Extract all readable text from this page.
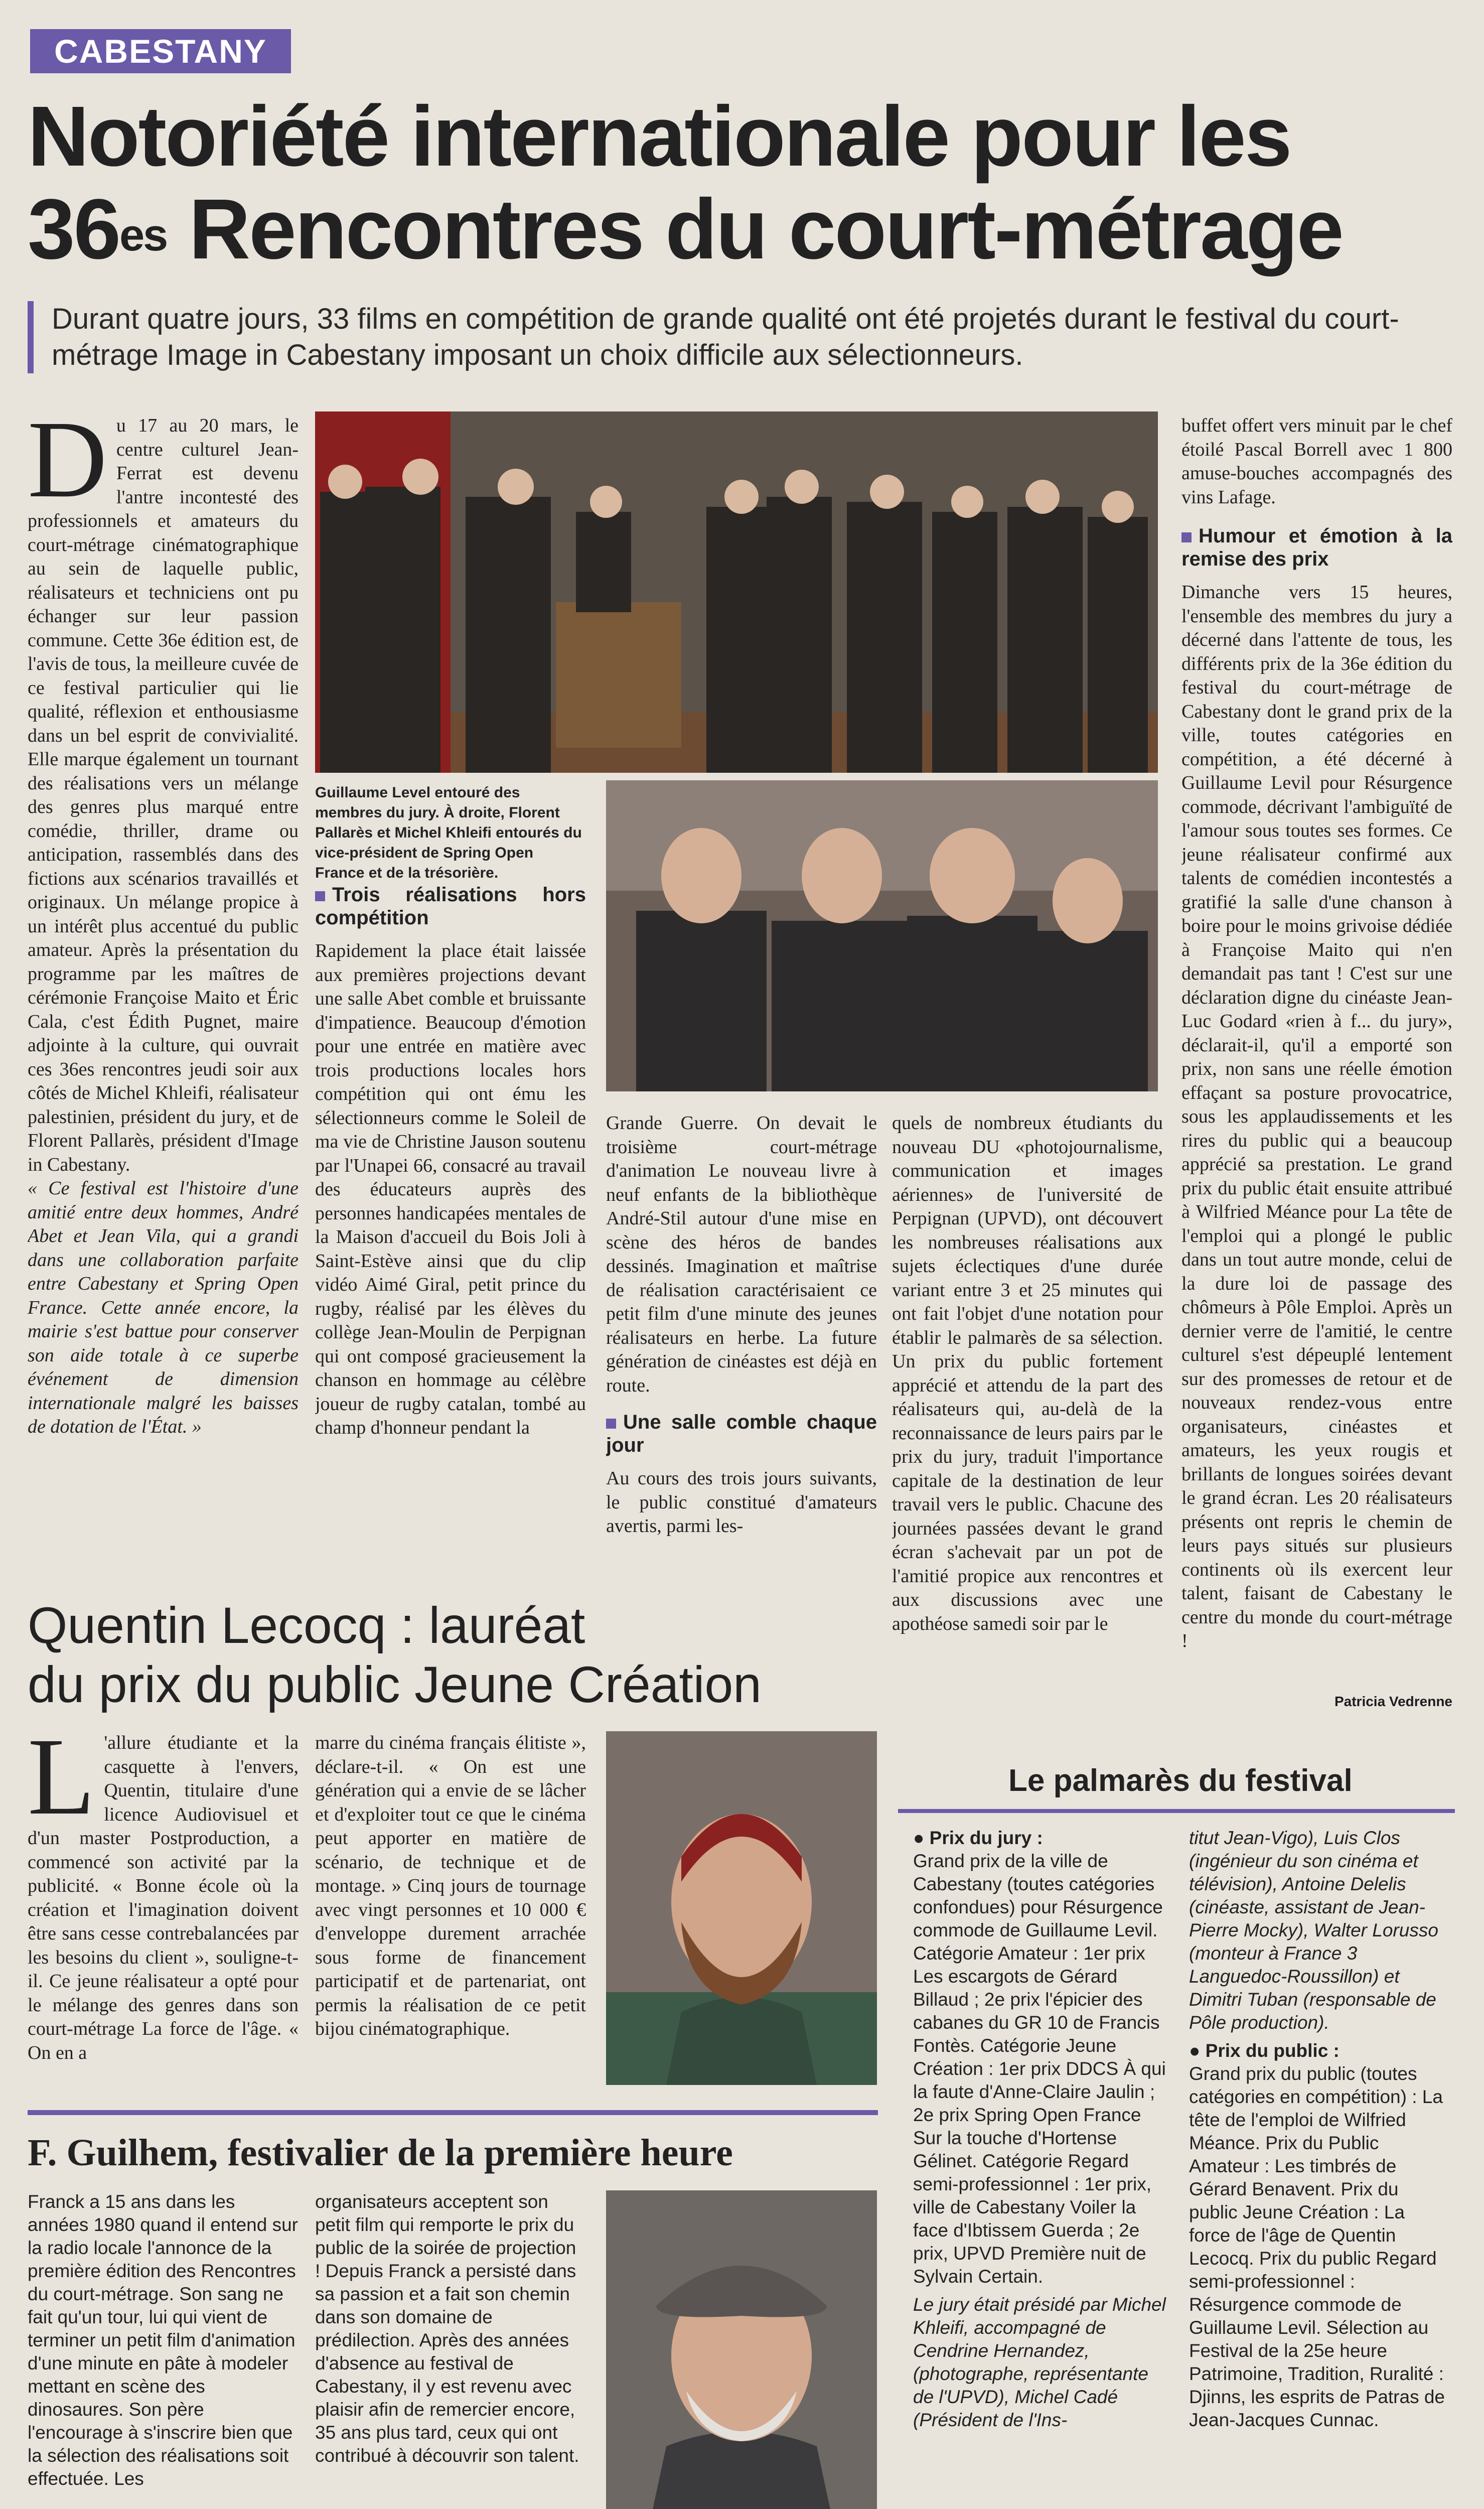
CABESTANY
Notoriété internationale pour les
$36^{es}$ Rencontres du court-métrage
Durant quatre jours, 33 films en compétition de grande qualité ont été projetés durant le festival du court-métrage Image in Cabestany imposant un choix difficile aux sélectionneurs.
D u 17 au 20 mars, le centre culturel Jean-Ferrat est devenu l'antre incontesté des professionnels et amateurs du court-métrage cinématographique au sein de laquelle public, réalisateurs et techniciens ont pu échanger sur leur passion commune. Cette 36e édition est, de l'avis de tous, la meilleure cuvée de ce festival particulier qui lie qualité, réflexion et enthousiasme dans un bel esprit de convivialité. Elle marque également un tournant des réalisations vers un mélange des genres plus marqué entre comédie, thriller, drame ou anticipation, rassemblés dans des fictions aux scénarios travaillés et originaux. Un mélange propice à un intérêt plus accentué du public amateur. Après la présentation du programme par les maîtres de cérémonie Françoise Maito et Éric Cala, c'est Édith Pugnet, maire adjointe à la culture, qui ouvrait ces 36es rencontres jeudi soir aux côtés de Michel Khleifi, réalisateur palestinien, président du jury, et de Florent Pallarès, président d'Image in Cabestany.

« Ce festival est l'histoire d'une amitié entre deux hommes, André Abet et Jean Vila, qui a grandi dans une collaboration parfaite entre Cabestany et Spring Open France. Cette année encore, la mairie s'est battue pour conserver son aide totale à ce superbe événement de dimension internationale malgré les baisses de dotation de l'État. »

Guillaume Level entouré des membres du jury. À droite, Florent Pallarès et Michel Khleifi entourés du vice-président de Spring Open France et de la trésorière.
Trois réalisations hors compétition

Rapidement la place était laissée aux premières projections devant une salle Abet comble et bruissante d'impatience. Beaucoup d'émotion pour une entrée en matière avec trois productions locales hors compétition qui ont ému les sélectionneurs comme le Soleil de ma vie de Christine Jauson soutenu par l'Unapei 66, consacré au travail des éducateurs auprès des personnes handicapées mentales de la Maison d'accueil du Bois Joli à Saint-Estève ainsi que du clip vidéo Aimé Giral, petit prince du rugby, réalisé par les élèves du collège Jean-Moulin de Perpignan qui ont composé gracieusement la chanson en hommage au célèbre joueur de rugby catalan, tombé au champ d'honneur pendant la

Grande Guerre. On devait le troisième court-métrage d'animation Le nouveau livre à neuf enfants de la bibliothèque André-Stil autour d'une mise en scène des héros de bandes dessinés. Imagination et maîtrise de réalisation caractérisaient ce petit film d'une minute des jeunes réalisateurs en herbe. La future génération de cinéastes est déjà en route.

Une salle comble chaque jour

Au cours des trois jours suivants, le public constitué d'amateurs avertis, parmi les-

quels de nombreux étudiants du nouveau DU «photojournalisme, communication et images aériennes» de l'université de Perpignan (UPVD), ont découvert les nombreuses réalisations aux sujets éclectiques d'une durée variant entre 3 et 25 minutes qui ont fait l'objet d'une notation pour établir le palmarès de sa sélection. Un prix du public fortement apprécié et attendu de la part des réalisateurs qui, au-delà de la reconnaissance de leurs pairs par le prix du jury, traduit l'importance capitale de la destination de leur travail vers le public. Chacune des journées passées devant le grand écran s'achevait par un pot de l'amitié propice aux rencontres et aux discussions avec une apothéose samedi soir par le

buffet offert vers minuit par le chef étoilé Pascal Borrell avec 1 800 amuse-bouches accompagnés des vins Lafage.

Humour et émotion à la remise des prix

Dimanche vers 15 heures, l'ensemble des membres du jury a décerné dans l'attente de tous, les différents prix de la 36e édition du festival du court-métrage de Cabestany dont le grand prix de la ville, toutes catégories en compétition, a été décerné à Guillaume Levil pour Résurgence commode, décrivant l'ambiguïté de l'amour sous toutes ses formes. Ce jeune réalisateur confirmé aux talents de comédien incontestés a gratifié la salle d'une chanson à boire pour le moins grivoise dédiée à Françoise Maito qui n'en demandait pas tant ! C'est sur une déclaration digne du cinéaste Jean-Luc Godard «rien à f... du jury», déclarait-il, qu'il a emporté son prix, non sans une réelle émotion effaçant sa posture provocatrice, sous les applaudissements et les rires du public qui a beaucoup apprécié sa prestation. Le grand prix du public était ensuite attribué à Wilfried Méance pour La tête de l'emploi qui a plongé le public dans un tout autre monde, celui de la dure loi de passage des chômeurs à Pôle Emploi. Après un dernier verre de l'amitié, le centre culturel s'est dépeuplé lentement sur des promesses de retour et de nouveaux rendez-vous entre organisateurs, cinéastes et amateurs, les yeux rougis et brillants de longues soirées devant le grand écran. Les 20 réalisateurs présents ont repris le chemin de leurs pays situés sur plusieurs continents où ils exercent leur talent, faisant de Cabestany le centre du monde du court-métrage !

Patricia Vedrenne
Quentin Lecocq : lauréat
du prix du public Jeune Création
L 'allure étudiante et la casquette à l'envers, Quentin, titulaire d'une licence Audiovisuel et d'un master Postproduction, a commencé son activité par la publicité. « Bonne école où la création et l'imagination doivent être sans cesse contrebalancées par les besoins du client », souligne-t-il. Ce jeune réalisateur a opté pour le mélange des genres dans son court-métrage La force de l'âge. « On en a

marre du cinéma français élitiste », déclare-t-il. « On est une génération qui a envie de se lâcher et d'exploiter tout ce que le cinéma peut apporter en matière de scénario, de technique et de montage. » Cinq jours de tournage avec vingt personnes et 10 000 € d'enveloppe durement arrachée sous forme de financement participatif et de partenariat, ont permis la réalisation de ce petit bijou cinématographique.

F. Guilhem, festivalier de la première heure

Franck a 15 ans dans les années 1980 quand il entend sur la radio locale l'annonce de la première édition des Rencontres du court-métrage. Son sang ne fait qu'un tour, lui qui vient de terminer un petit film d'animation d'une minute en pâte à modeler mettant en scène des dinosaures. Son père l'encourage à s'inscrire bien que la sélection des réalisations soit effectuée. Les

organisateurs acceptent son petit film qui remporte le prix du public de la soirée de projection ! Depuis Franck a persisté dans sa passion et a fait son chemin dans son domaine de prédilection. Après des années d'absence au festival de Cabestany, il y est revenu avec plaisir afin de remercier encore, 35 ans plus tard, ceux qui ont contribué à découvrir son talent.

Le palmarès du festival

● Prix du jury :

Grand prix de la ville de Cabestany (toutes catégories confondues) pour Résurgence commode de Guillaume Levil. Catégorie Amateur : 1er prix Les escargots de Gérard Billaud ; 2e prix l'épicier des cabanes du GR 10 de Francis Fontès. Catégorie Jeune Création : 1er prix DDCS À qui la faute d'Anne-Claire Jaulin ; 2e prix Spring Open France Sur la touche d'Hortense Gélinet. Catégorie Regard semi-professionnel : 1er prix, ville de Cabestany Voiler la face d'Ibtissem Guerda ; 2e prix, UPVD Première nuit de Sylvain Certain.

Le jury était présidé par Michel Khleifi, accompagné de Cendrine Hernandez, (photographe, représentante de l'UPVD), Michel Cadé (Président de l'Ins-

titut Jean-Vigo), Luis Clos (ingénieur du son cinéma et télévision), Antoine Delelis (cinéaste, assistant de Jean-Pierre Mocky), Walter Lorusso (monteur à France 3 Languedoc-Roussillon) et Dimitri Tuban (responsable de Pôle production).

● Prix du public :

Grand prix du public (toutes catégories en compétition) : La tête de l'emploi de Wilfried Méance. Prix du Public Amateur : Les timbrés de Gérard Benavent. Prix du public Jeune Création : La force de l'âge de Quentin Lecocq. Prix du public Regard semi-professionnel : Résurgence commode de Guillaume Levil. Sélection au Festival de la 25e heure Patrimoine, Tradition, Ruralité : Djinns, les esprits de Patras de Jean-Jacques Cunnac.
